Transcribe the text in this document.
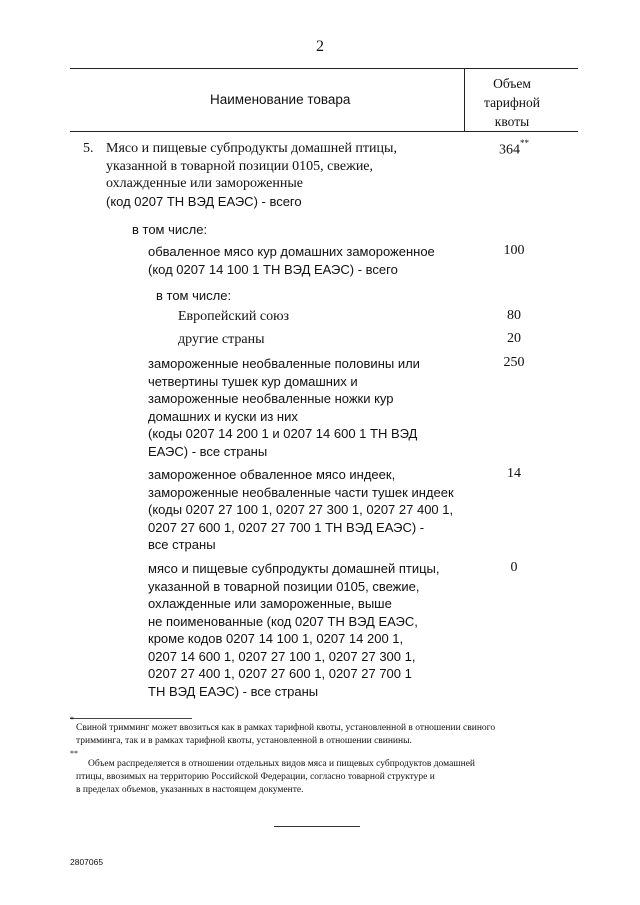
2
Наименование товара
Объем
тарифной
квоты
5. Мясо и пищевые субпродукты домашней птицы,
указанной в товарной позиции 0105, свежие,
охлажденные или замороженные
(код 0207 ТН ВЭД ЕАЭС) - всего
364**
в том числе:
обваленное мясо кур домашних замороженное
(код 0207 14 100 1 ТН ВЭД ЕАЭС) - всего
100
в том числе:
Европейский союз	80
другие страны	20
замороженные необваленные половины или
четвертины тушек кур домашних и
замороженные необваленные ножки кур
домашних и куски из них
(коды 0207 14 200 1 и 0207 14 600 1 ТН ВЭД
ЕАЭС) - все страны
250
замороженное обваленное мясо индеек,
замороженные необваленные части тушек индеек
(коды 0207 27 100 1, 0207 27 300 1, 0207 27 400 1,
0207 27 600 1, 0207 27 700 1 ТН ВЭД ЕАЭС) -
все страны
14
мясо и пищевые субпродукты домашней птицы,
указанной в товарной позиции 0105, свежие,
охлажденные или замороженные, выше
не поименованные (код 0207 ТН ВЭД ЕАЭС,
кроме кодов 0207 14 100 1, 0207 14 200 1,
0207 14 600 1, 0207 27 100 1, 0207 27 300 1,
0207 27 400 1, 0207 27 600 1, 0207 27 700 1
ТН ВЭД ЕАЭС) - все страны
0
*
Свиной тримминг может ввозиться как в рамках тарифной квоты, установленной в отношении свиного
тримминга, так и в рамках тарифной квоты, установленной в отношении свинины.
**
Объем распределяется в отношении отдельных видов мяса и пищевых субпродуктов домашней
птицы, ввозимых на территорию Российской Федерации, согласно товарной структуре и
в пределах объемов, указанных в настоящем документе.
2807065
